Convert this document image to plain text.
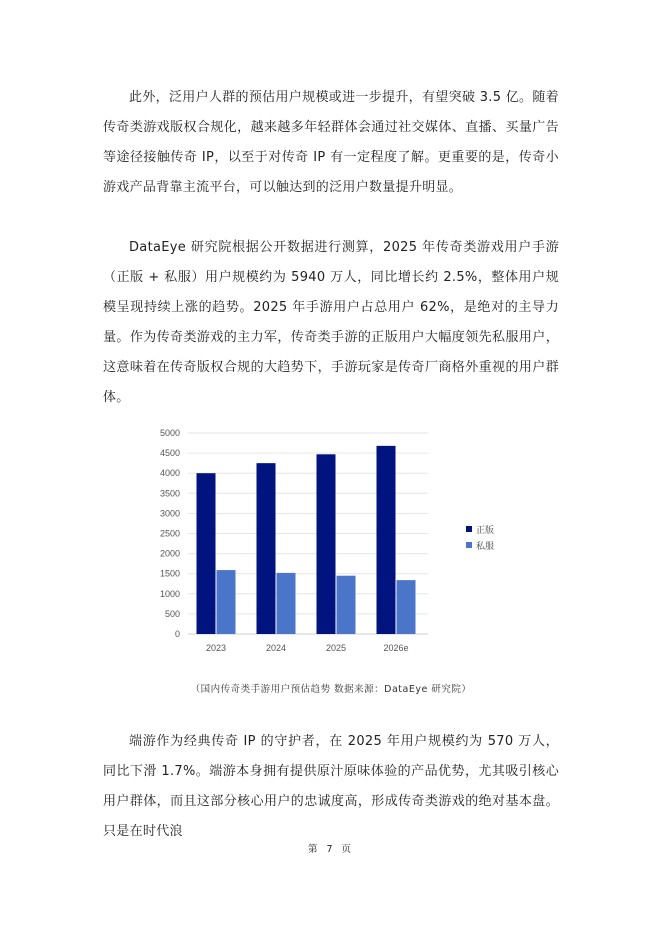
此外，泛用户人群的预估用户规模或进一步提升，有望突破 3.5 亿。随着传奇类游戏版权合规化，越来越多年轻群体会通过社交媒体、直播、买量广告等途径接触传奇 IP，以至于对传奇 IP 有一定程度了解。更重要的是，传奇小游戏产品背靠主流平台，可以触达到的泛用户数量提升明显。

DataEye 研究院根据公开数据进行测算，2025 年传奇类游戏用户手游（正版 + 私服）用户规模约为 5940 万人，同比增长约 2.5%，整体用户规模呈现持续上涨的趋势。2025 年手游用户占总用户 62%，是绝对的主导力量。作为传奇类游戏的主力军，传奇类手游的正版用户大幅度领先私服用户，这意味着在传奇版权合规的大趋势下，手游玩家是传奇厂商格外重视的用户群体。

0
500
1000
1500
2000
2500
3000
3500
4000
4500
5000
2023	2024	2025	2026e
正版
私服
（国内传奇类手游用户预估趋势 数据来源：DataEye 研究院）

端游作为经典传奇 IP 的守护者，在 2025 年用户规模约为 570 万人，同比下滑 1.7%。端游本身拥有提供原汁原味体验的产品优势，尤其吸引核心用户群体，而且这部分核心用户的忠诚度高，形成传奇类游戏的绝对基本盘。只是在时代浪

第 7 页
